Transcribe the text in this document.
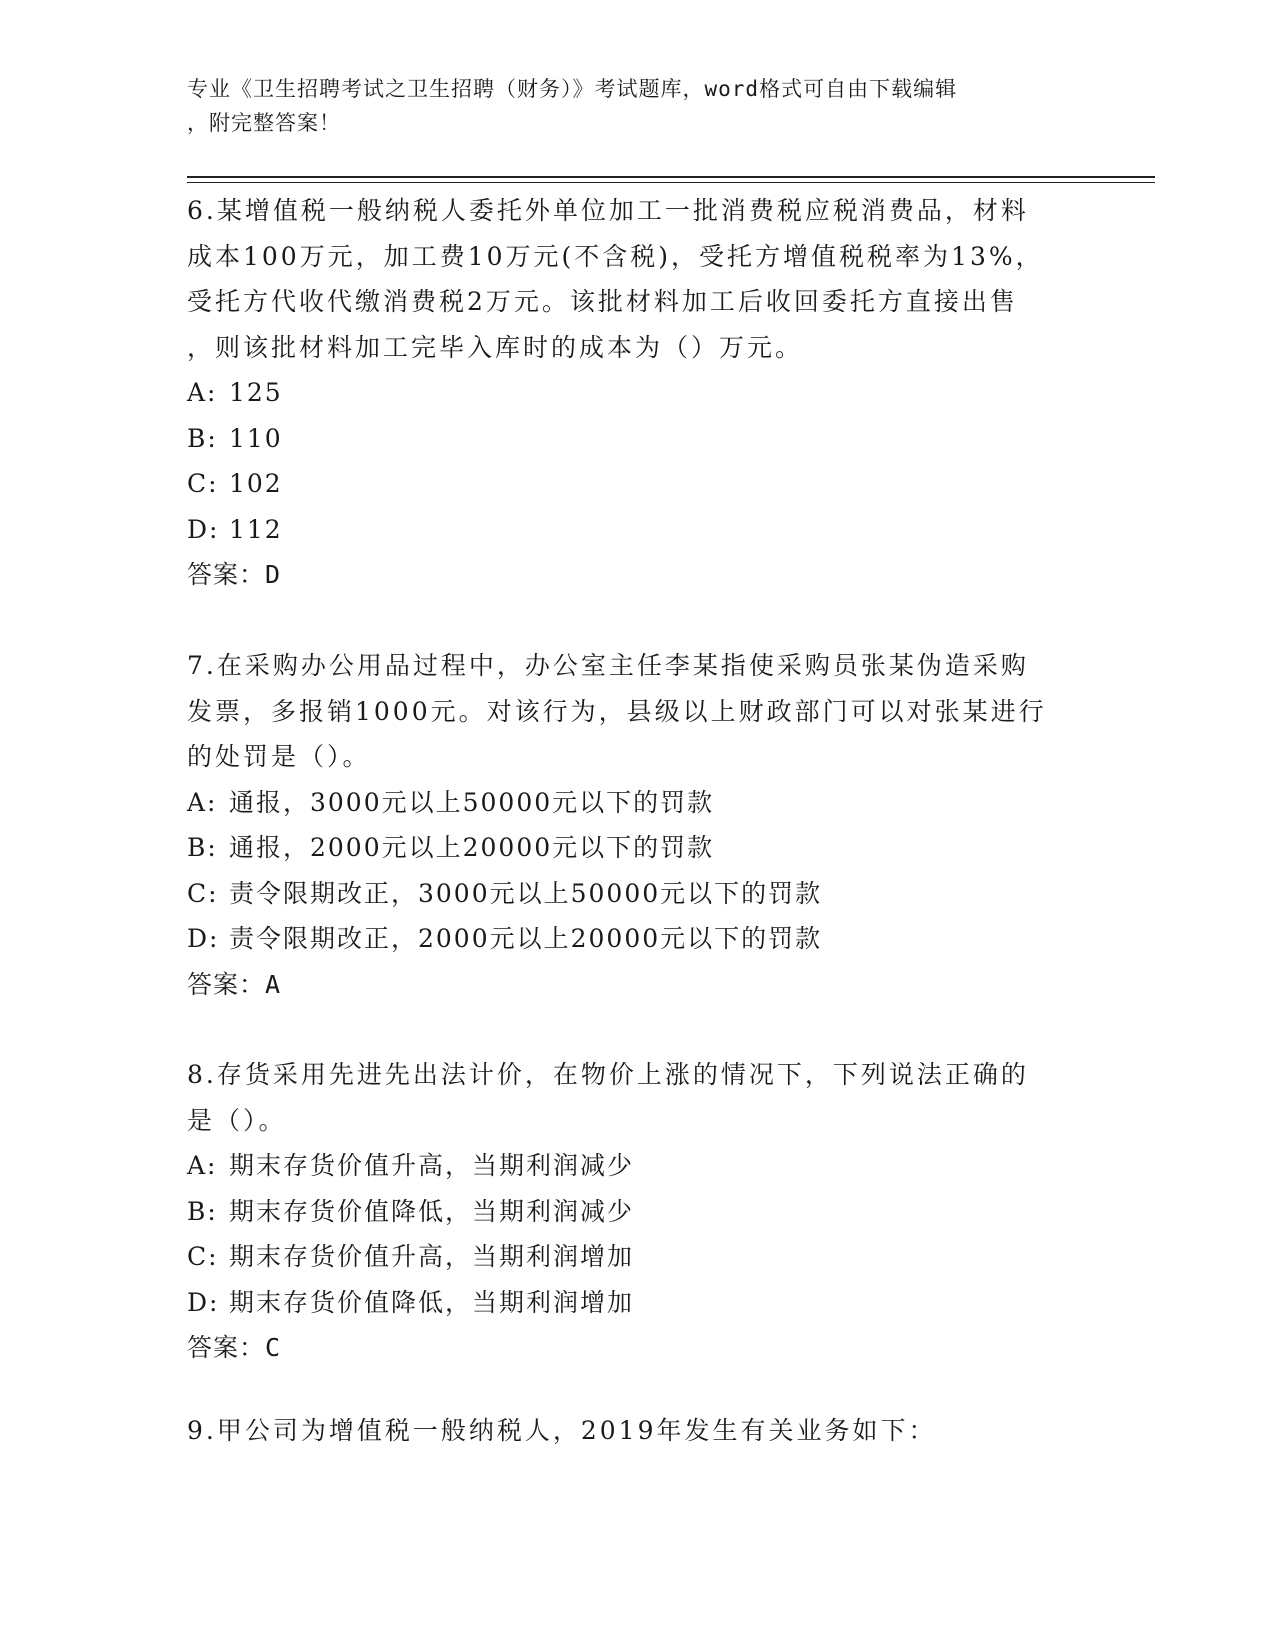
专业《卫生招聘考试之卫生招聘（财务）》考试题库，word格式可自由下载编辑
，附完整答案！
6.某增值税一般纳税人委托外单位加工一批消费税应税消费品，材料
成本100万元，加工费10万元(不含税)，受托方增值税税率为13%，
受托方代收代缴消费税2万元。该批材料加工后收回委托方直接出售
，则该批材料加工完毕入库时的成本为（）万元。
A: 125
B: 110
C: 102
D: 112
答案：D
7.在采购办公用品过程中，办公室主任李某指使采购员张某伪造采购
发票，多报销1000元。对该行为，县级以上财政部门可以对张某进行
的处罚是（）。
A: 通报，3000元以上50000元以下的罚款
B: 通报，2000元以上20000元以下的罚款
C: 责令限期改正，3000元以上50000元以下的罚款
D: 责令限期改正，2000元以上20000元以下的罚款
答案：A
8.存货采用先进先出法计价，在物价上涨的情况下，下列说法正确的
是（）。
A: 期末存货价值升高，当期利润减少
B: 期末存货价值降低，当期利润减少
C: 期末存货价值升高，当期利润增加
D: 期末存货价值降低，当期利润增加
答案：C
9.甲公司为增值税一般纳税人，2019年发生有关业务如下：
